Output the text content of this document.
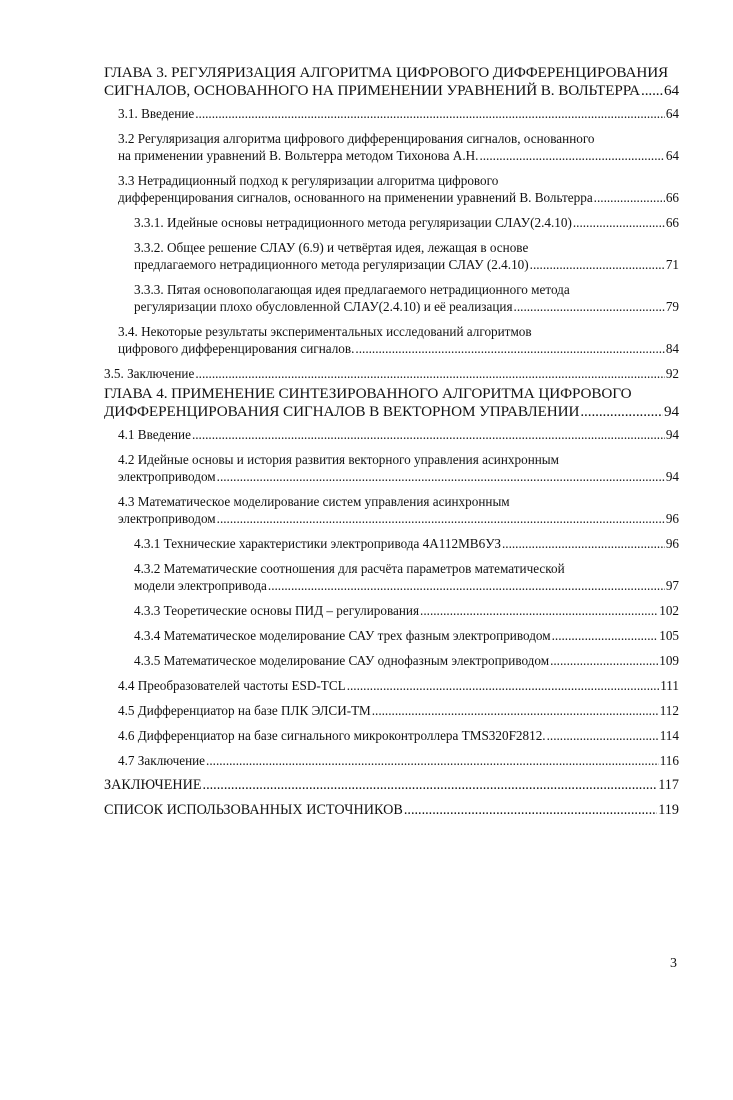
ГЛАВА 3. РЕГУЛЯРИЗАЦИЯ АЛГОРИТМА ЦИФРОВОГО ДИФФЕРЕНЦИРОВАНИЯ
СИГНАЛОВ, ОСНОВАННОГО НА ПРИМЕНЕНИИ УРАВНЕНИЙ В. ВОЛЬТЕРРА ..... 64
3.1. Введение .....	64
3.2 Регуляризация алгоритма цифрового дифференцирования сигналов, основанного
на применении уравнений В. Вольтерра методом Тихонова А.Н. .....	64
3.3 Нетрадиционный подход к регуляризации алгоритма цифрового
дифференцирования сигналов, основанного на применении уравнений В. Вольтерра .....	66
3.3.1. Идейные основы нетрадиционного метода регуляризации СЛАУ(2.4.10) .....	66
3.3.2. Общее решение СЛАУ (6.9) и четвёртая идея, лежащая в основе
предлагаемого нетрадиционного метода регуляризации СЛАУ (2.4.10) .....	71
3.3.3. Пятая основополагающая идея предлагаемого нетрадиционного метода
регуляризации плохо обусловленной СЛАУ(2.4.10) и её реализация .....	79
3.4. Некоторые результаты экспериментальных исследований алгоритмов
цифрового дифференцирования сигналов. .....	84
3.5. Заключение .....	92
ГЛАВА 4. ПРИМЕНЕНИЕ СИНТЕЗИРОВАННОГО АЛГОРИТМА ЦИФРОВОГО
ДИФФЕРЕНЦИРОВАНИЯ СИГНАЛОВ В ВЕКТОРНОМ УПРАВЛЕНИИ .....	94
4.1 Введение .....	94
4.2 Идейные основы и история развития векторного управления асинхронным
электроприводом .....	94
4.3 Математическое моделирование систем управления асинхронным
электроприводом .....	96
4.3.1 Технические характеристики электропривода 4А112МВ6УЗ .....	96
4.3.2 Математические соотношения для расчёта параметров математической
модели электропривода .....	97
4.3.3 Теоретические основы ПИД – регулирования .....	102
4.3.4 Математическое моделирование САУ трех фазным электроприводом .....	105
4.3.5 Математическое моделирование САУ однофазным электроприводом .....	109
4.4 Преобразователей частоты ESD-TCL .....	111
4.5 Дифференциатор на базе ПЛК ЭЛСИ-ТМ .....	112
4.6 Дифференциатор на базе сигнального микроконтроллера TMS320F2812. .....	114
4.7 Заключение .....	116
ЗАКЛЮЧЕНИЕ .....	117
СПИСОК ИСПОЛЬЗОВАННЫХ ИСТОЧНИКОВ .....	119
3
